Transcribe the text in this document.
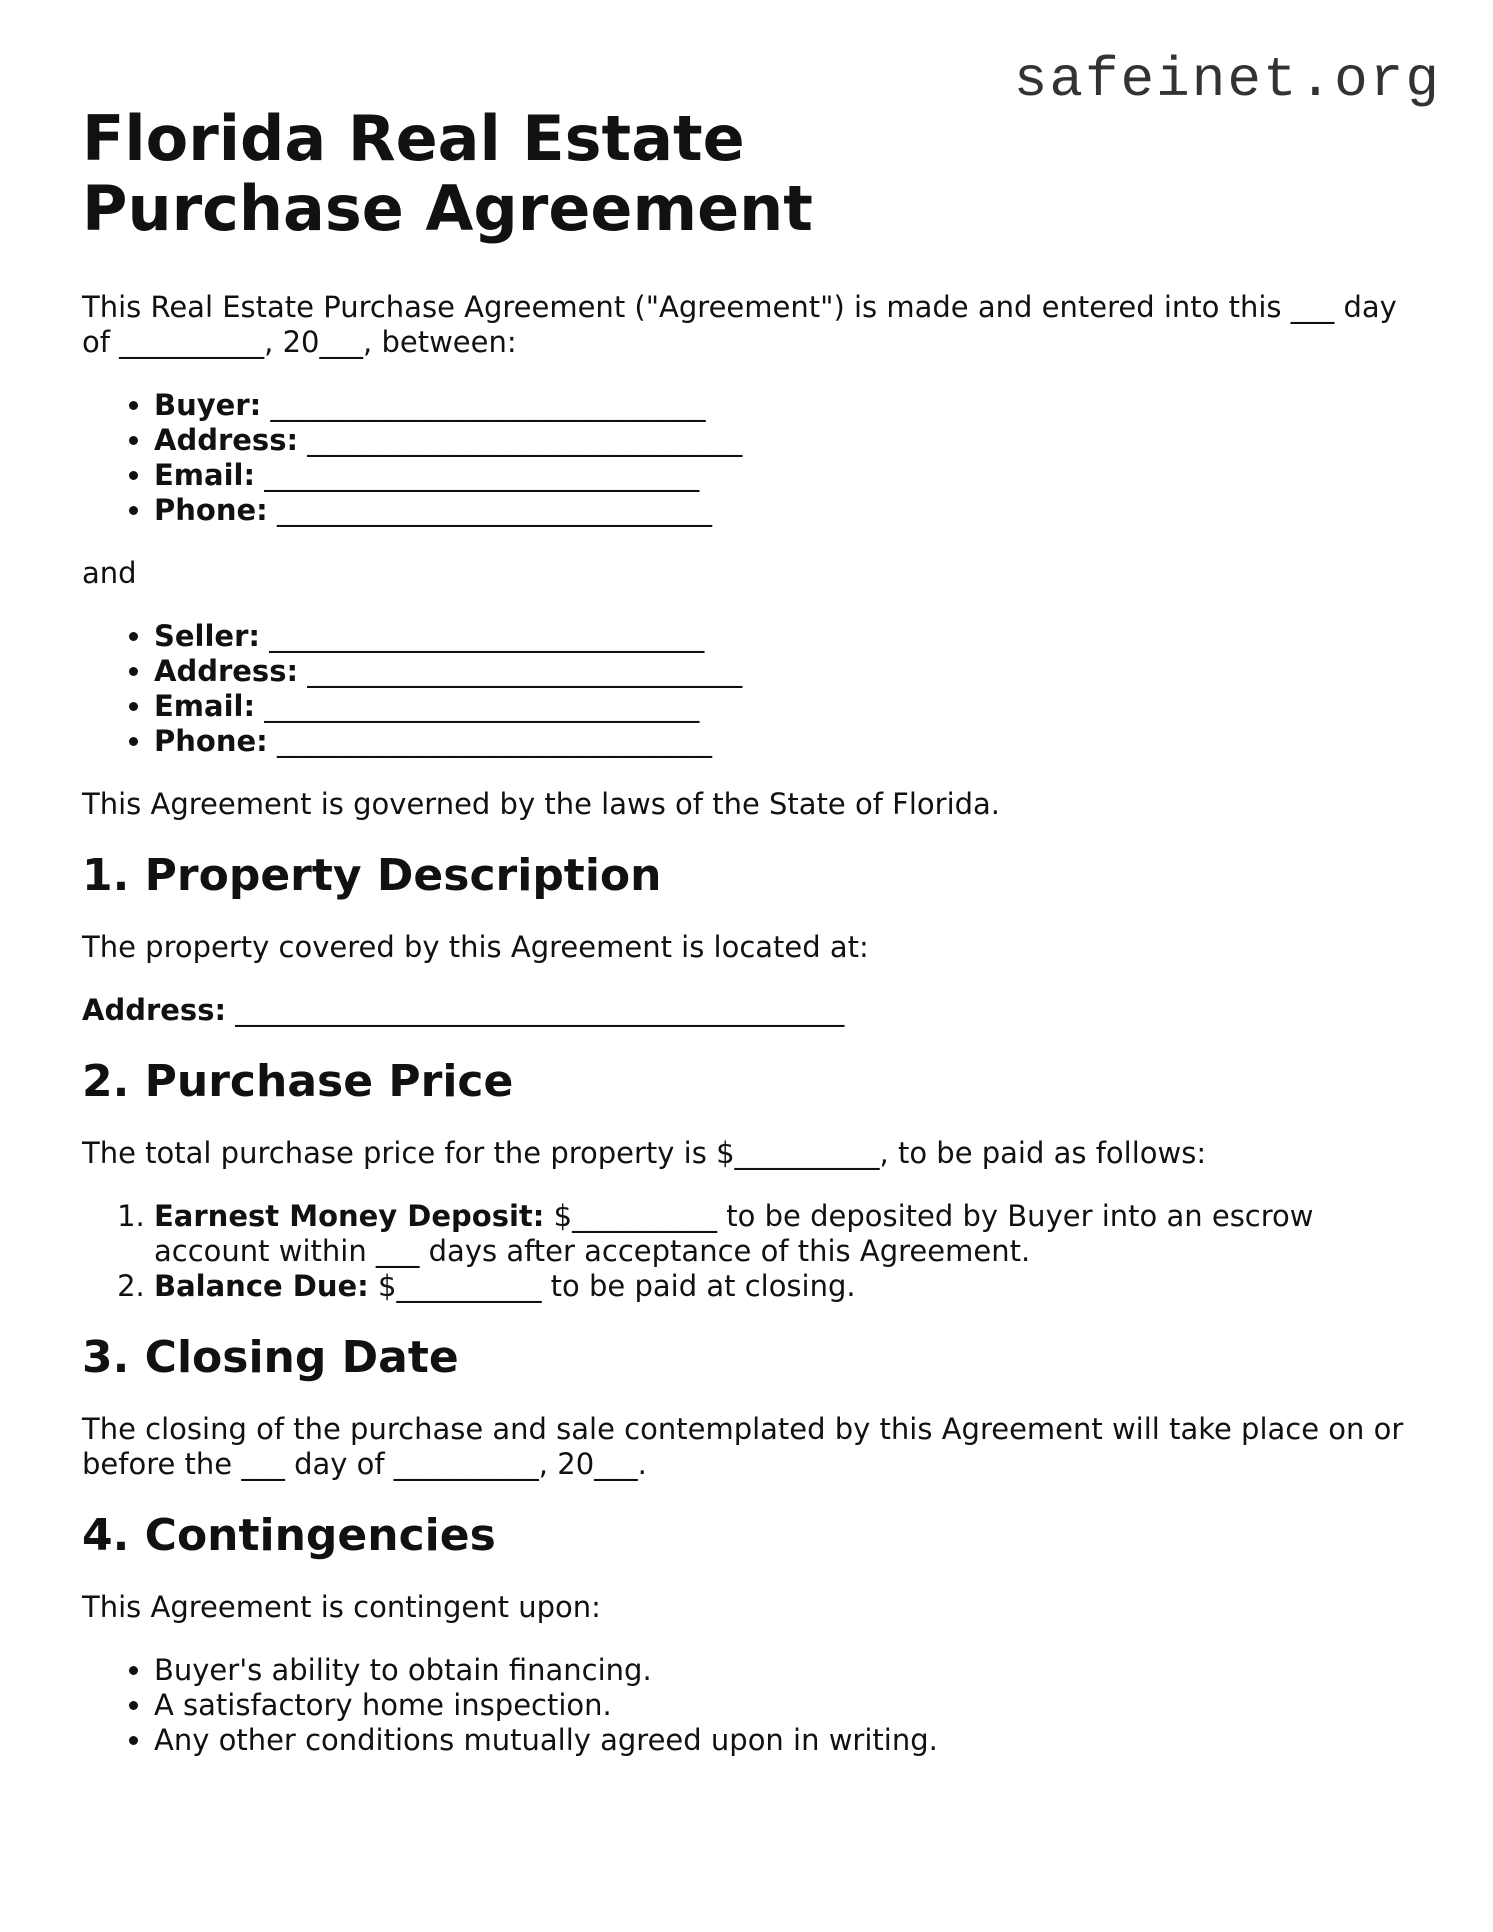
safeinet.org
Florida Real Estate Purchase Agreement

This Real Estate Purchase Agreement ("Agreement") is made and entered into this ___ day of __________, 20___, between:

• Buyer: ______________________________
• Address: ______________________________
• Email: ______________________________
• Phone: ______________________________

and

• Seller: ______________________________
• Address: ______________________________
• Email: ______________________________
• Phone: ______________________________

This Agreement is governed by the laws of the State of Florida.

1. Property Description

The property covered by this Agreement is located at:

Address: __________________________________________

2. Purchase Price

The total purchase price for the property is $__________, to be paid as follows:

1. Earnest Money Deposit: $__________ to be deposited by Buyer into an escrow account within ___ days after acceptance of this Agreement.
2. Balance Due: $__________ to be paid at closing.
3. Closing Date

The closing of the purchase and sale contemplated by this Agreement will take place on or before the ___ day of __________, 20___.

4. Contingencies

This Agreement is contingent upon:

• Buyer's ability to obtain financing.
• A satisfactory home inspection.
• Any other conditions mutually agreed upon in writing.
